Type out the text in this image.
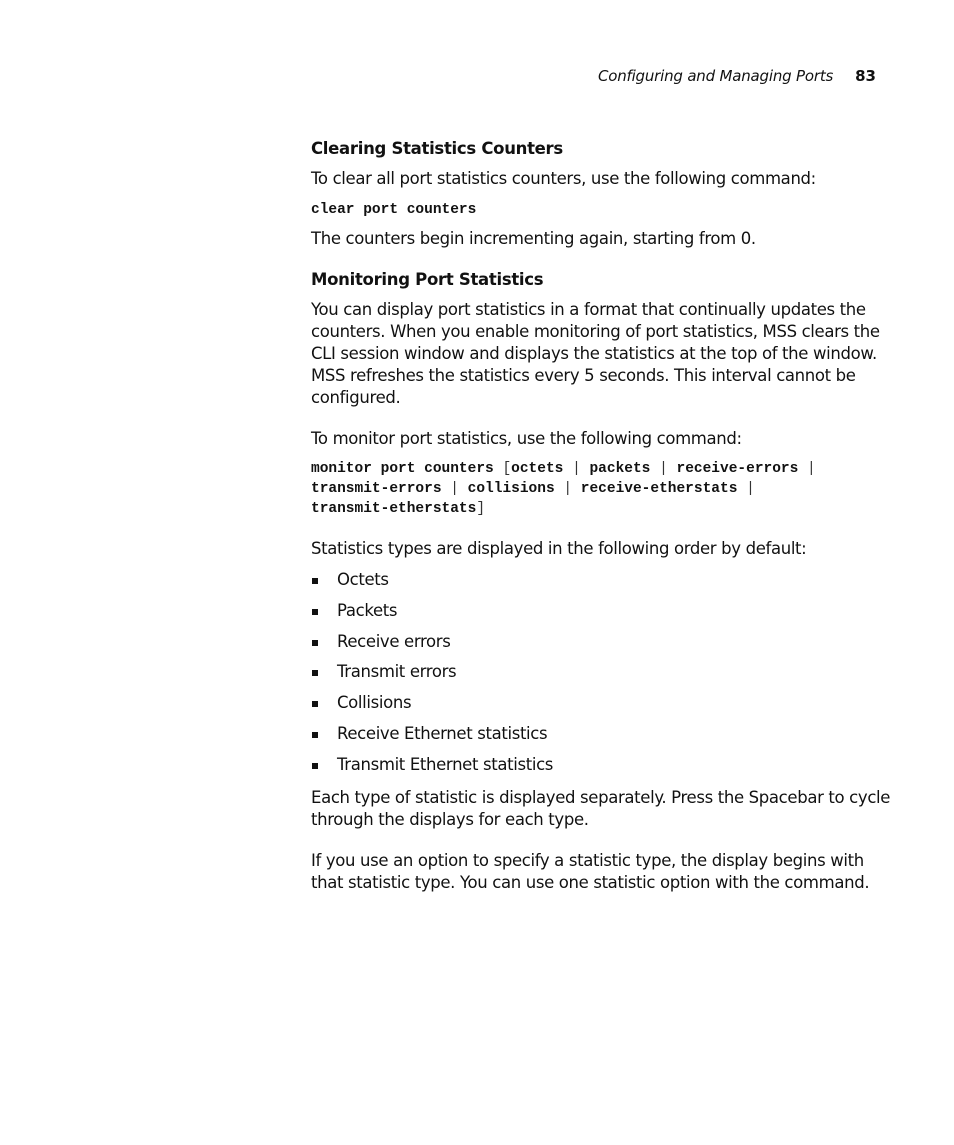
Configuring and Managing Ports 83
Clearing Statistics Counters

To clear all port statistics counters, use the following command:

clear port counters

The counters begin incrementing again, starting from 0.

Monitoring Port Statistics

You can display port statistics in a format that continually updates the counters. When you enable monitoring of port statistics, MSS clears the CLI session window and displays the statistics at the top of the window. MSS refreshes the statistics every 5 seconds. This interval cannot be configured.

To monitor port statistics, use the following command:

monitor port counters [octets | packets | receive-errors |
transmit-errors | collisions | receive-etherstats |
transmit-etherstats]

Statistics types are displayed in the following order by default:

Octets
Packets
Receive errors
Transmit errors
Collisions
Receive Ethernet statistics
Transmit Ethernet statistics

Each type of statistic is displayed separately. Press the Spacebar to cycle through the displays for each type.

If you use an option to specify a statistic type, the display begins with that statistic type. You can use one statistic option with the command.
